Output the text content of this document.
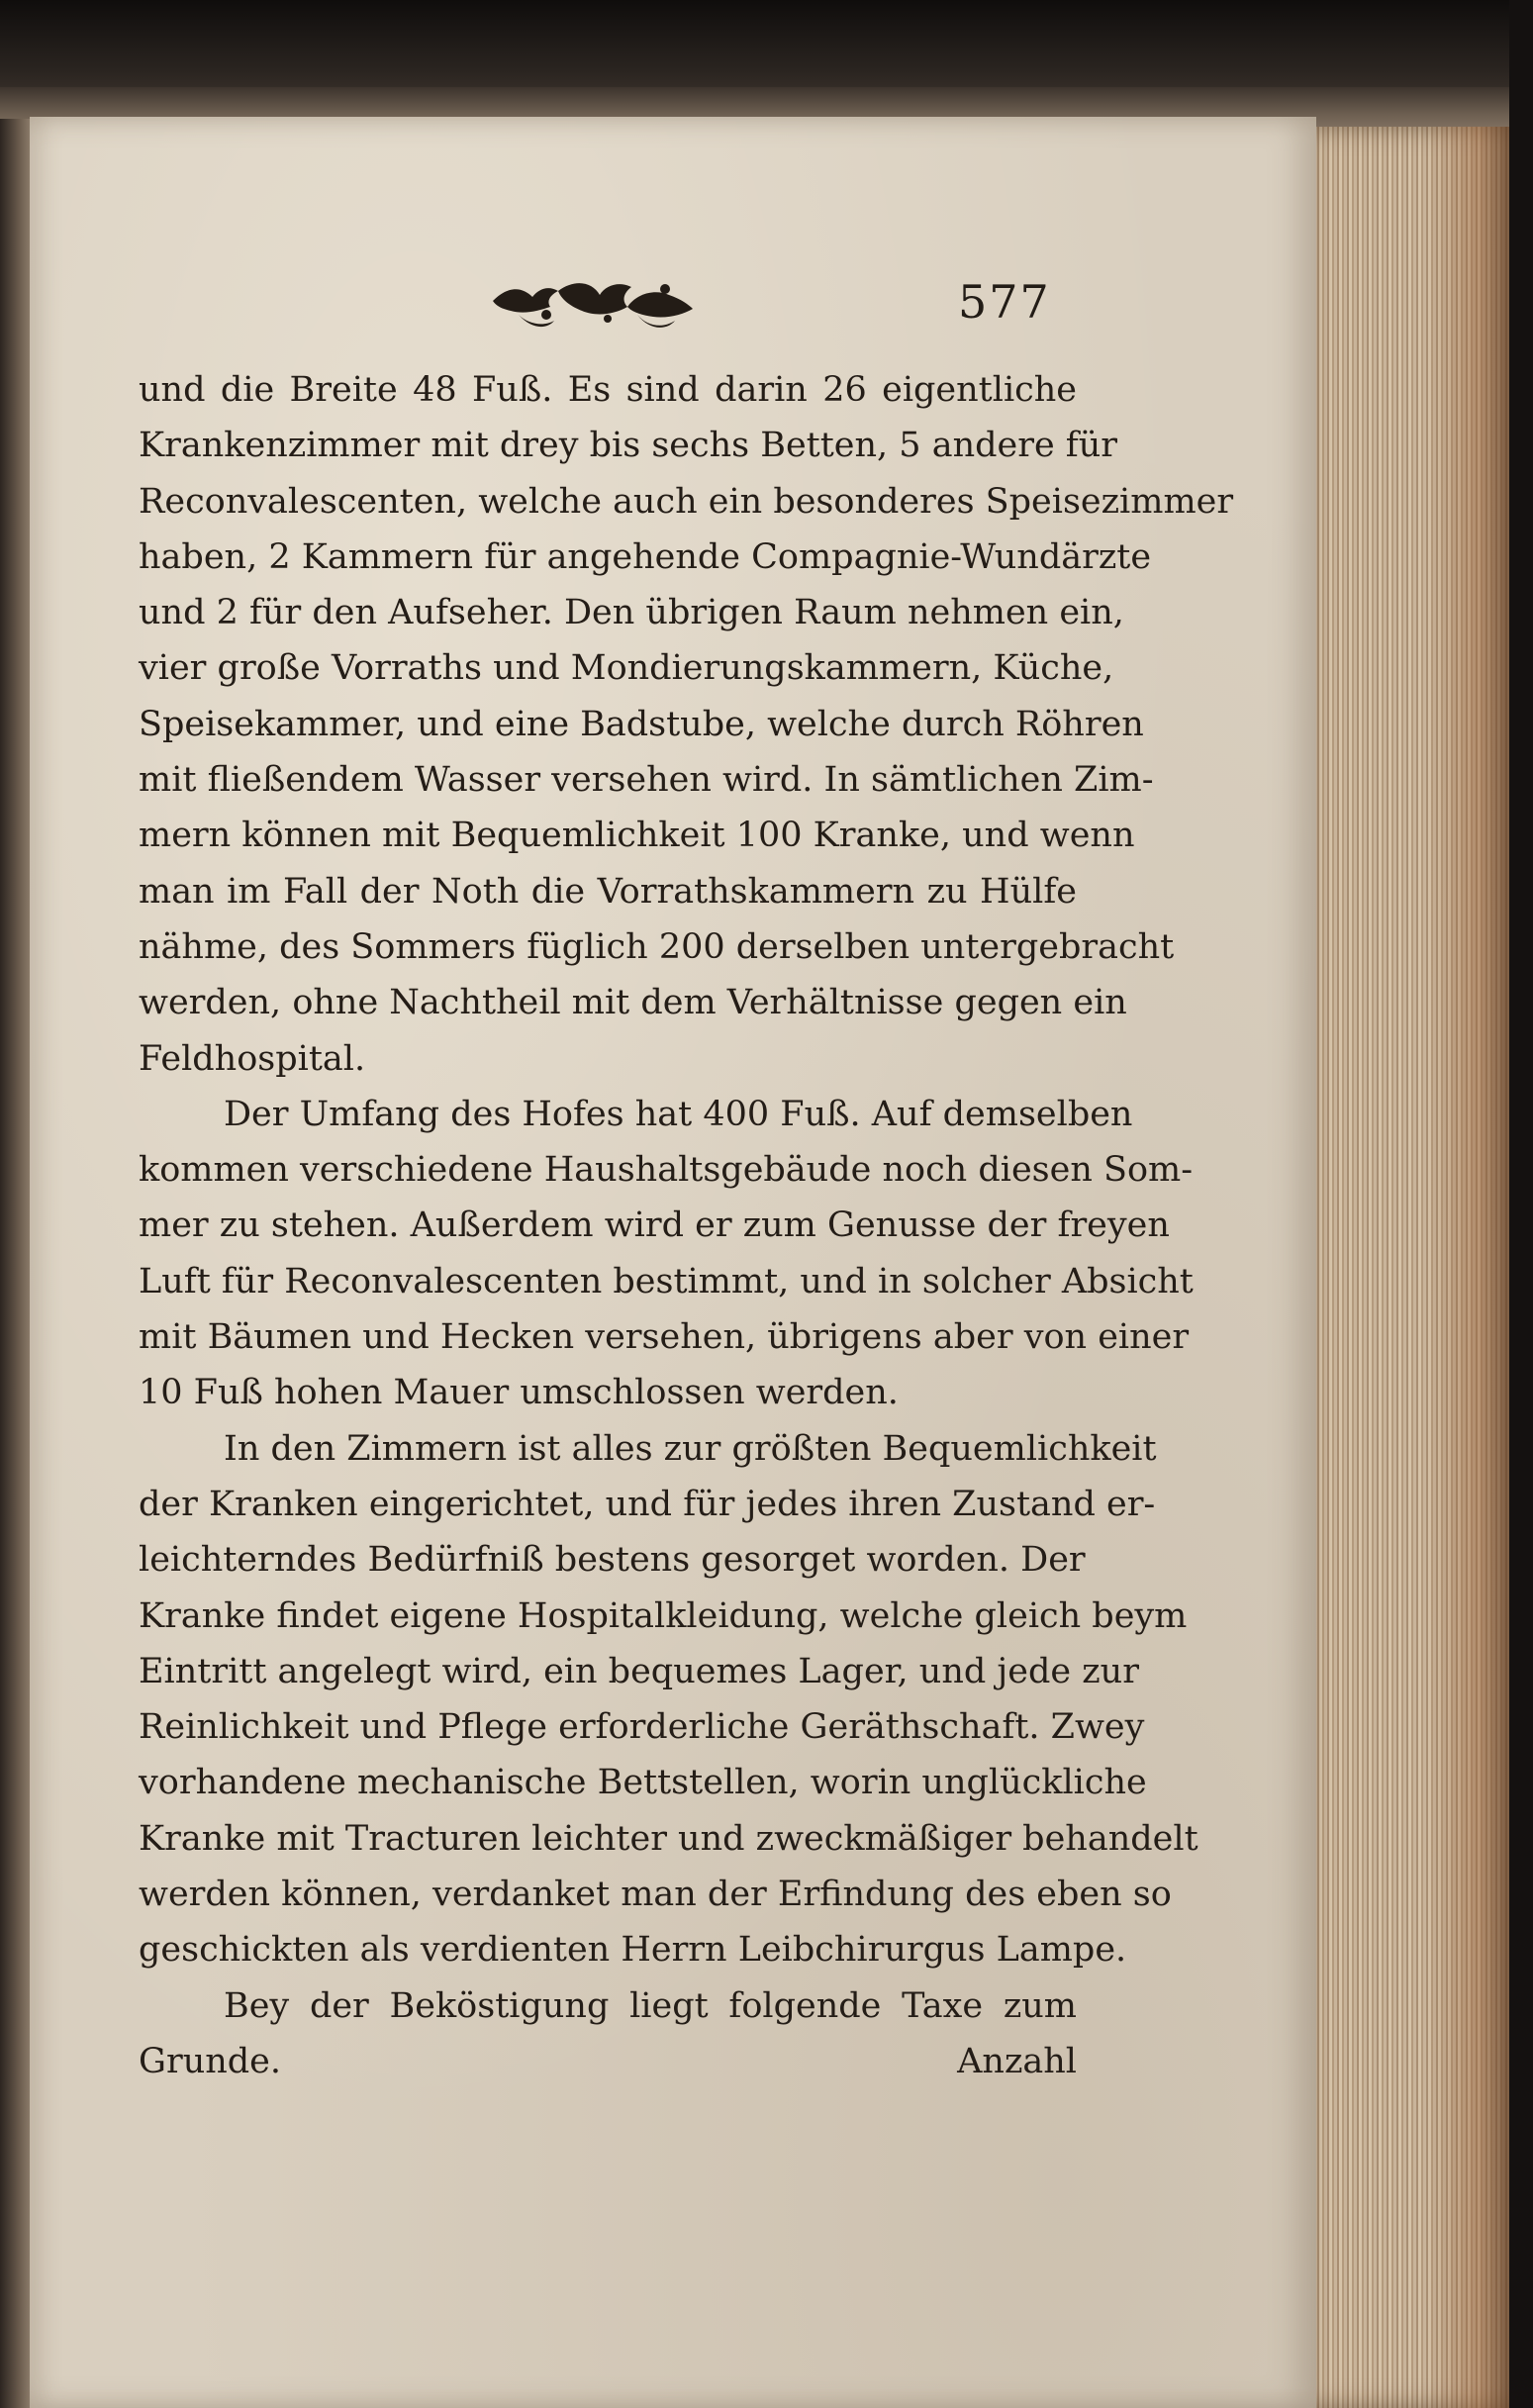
577
und die Breite 48 Fuß. Es sind darin 26 eigentliche
Krankenzimmer mit drey bis sechs Betten, 5 andere für
Reconvalescenten, welche auch ein besonderes Speisezimmer
haben, 2 Kammern für angehende Compagnie-Wundärzte
und 2 für den Aufseher. Den übrigen Raum nehmen ein,
vier große Vorraths und Mondierungskammern, Küche,
Speisekammer, und eine Badstube, welche durch Röhren
mit fließendem Wasser versehen wird. In sämtlichen Zim-
mern können mit Bequemlichkeit 100 Kranke, und wenn
man im Fall der Noth die Vorrathskammern zu Hülfe
nähme, des Sommers füglich 200 derselben untergebracht
werden, ohne Nachtheil mit dem Verhältnisse gegen ein
Feldhospital.
Der Umfang des Hofes hat 400 Fuß. Auf demselben
kommen verschiedene Haushaltsgebäude noch diesen Som-
mer zu stehen. Außerdem wird er zum Genusse der freyen
Luft für Reconvalescenten bestimmt, und in solcher Absicht
mit Bäumen und Hecken versehen, übrigens aber von einer
10 Fuß hohen Mauer umschlossen werden.
In den Zimmern ist alles zur größten Bequemlichkeit
der Kranken eingerichtet, und für jedes ihren Zustand er-
leichterndes Bedürfniß bestens gesorget worden. Der
Kranke findet eigene Hospitalkleidung, welche gleich beym
Eintritt angelegt wird, ein bequemes Lager, und jede zur
Reinlichkeit und Pflege erforderliche Geräthschaft. Zwey
vorhandene mechanische Bettstellen, worin unglückliche
Kranke mit Tracturen leichter und zweckmäßiger behandelt
werden können, verdanket man der Erfindung des eben so
geschickten als verdienten Herrn Leibchirurgus Lampe.
Bey der Beköstigung liegt folgende Taxe zum
Grunde.	Anzahl
